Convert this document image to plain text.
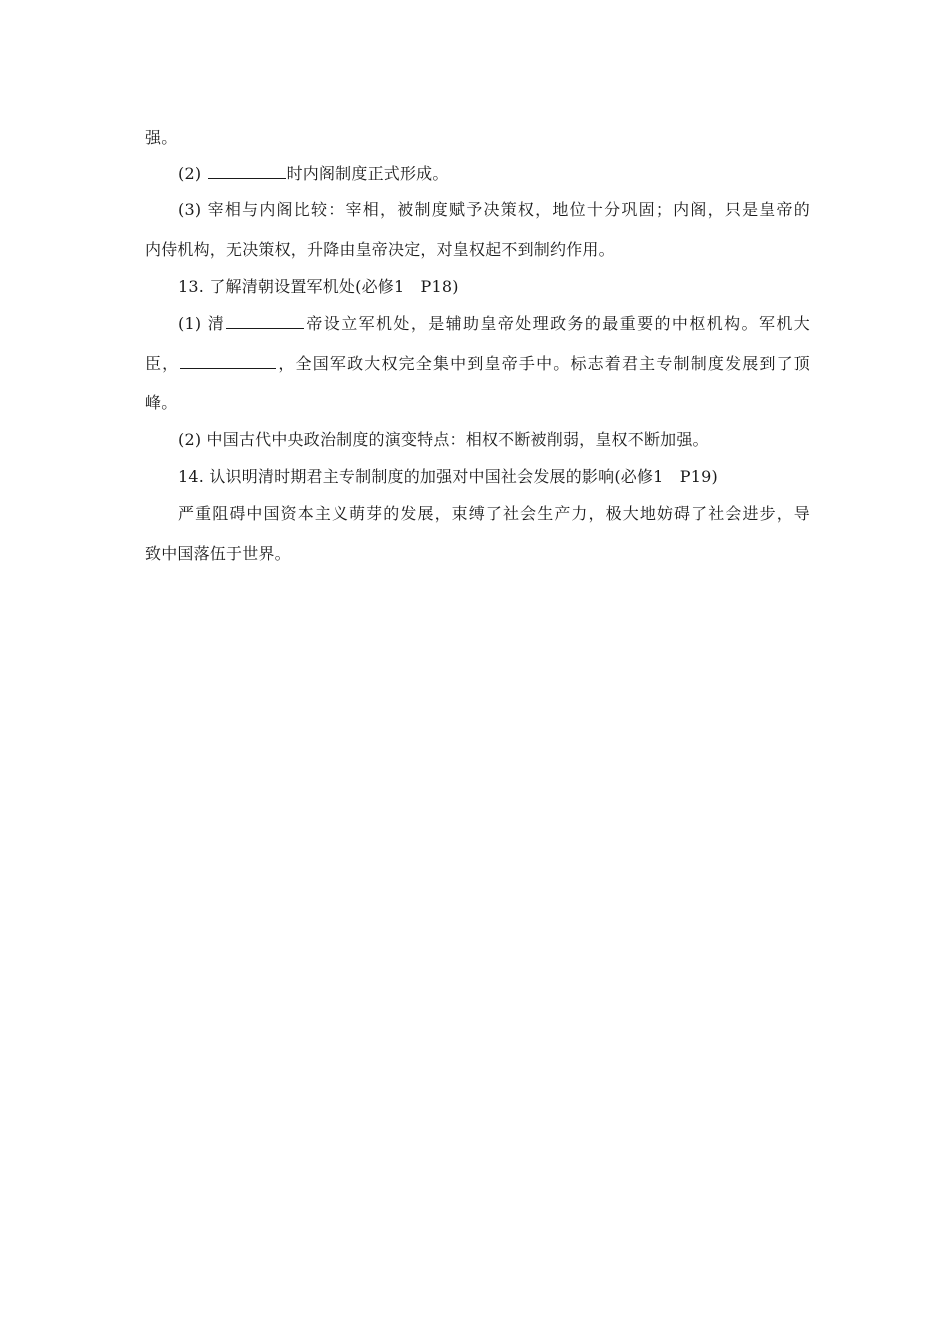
强。
(2)	时内阁制度正式形成。
(3) 宰相与内阁比较：宰相，被制度赋予决策权，地位十分巩固；内阁，只是皇帝的
内侍机构，无决策权，升降由皇帝决定，对皇权起不到制约作用。
13. 了解清朝设置军机处(必修1　P18)
(1) 清	帝设立军机处，是辅助皇帝处理政务的最重要的中枢机构。军机大
臣，	，全国军政大权完全集中到皇帝手中。标志着君主专制制度发展到了顶
峰。
(2) 中国古代中央政治制度的演变特点：相权不断被削弱，皇权不断加强。
14. 认识明清时期君主专制制度的加强对中国社会发展的影响(必修1　P19)
严重阻碍中国资本主义萌芽的发展，束缚了社会生产力，极大地妨碍了社会进步，导
致中国落伍于世界。
